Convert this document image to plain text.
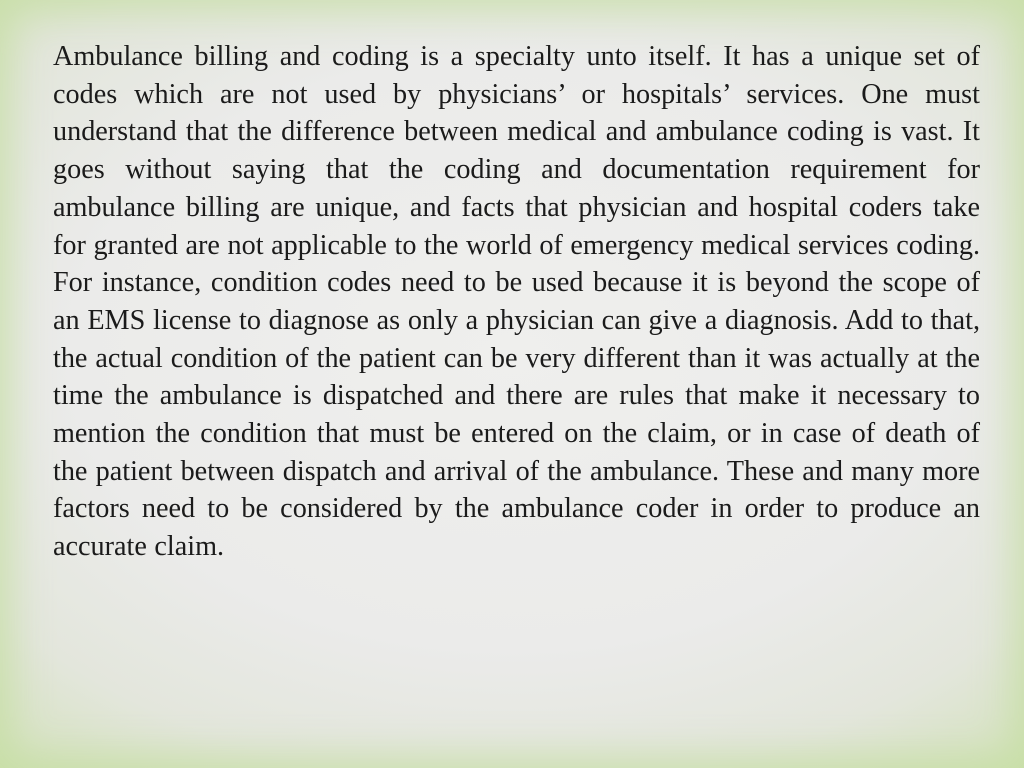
Ambulance billing and coding is a specialty unto itself. It has a unique set of codes which are not used by physicians’ or hospitals’ services. One must understand that the difference between medical and ambulance coding is vast. It goes without saying that the coding and documentation requirement for ambulance billing are unique, and facts that physician and hospital coders take for granted are not applicable to the world of emergency medical services coding. For instance, condition codes need to be used because it is beyond the scope of an EMS license to diagnose as only a physician can give a diagnosis. Add to that, the actual condition of the patient can be very different than it was actually at the time the ambulance is dispatched and there are rules that make it necessary to mention the condition that must be entered on the claim, or in case of death of the patient between dispatch and arrival of the ambulance. These and many more factors need to be considered by the ambulance coder in order to produce an accurate claim.
